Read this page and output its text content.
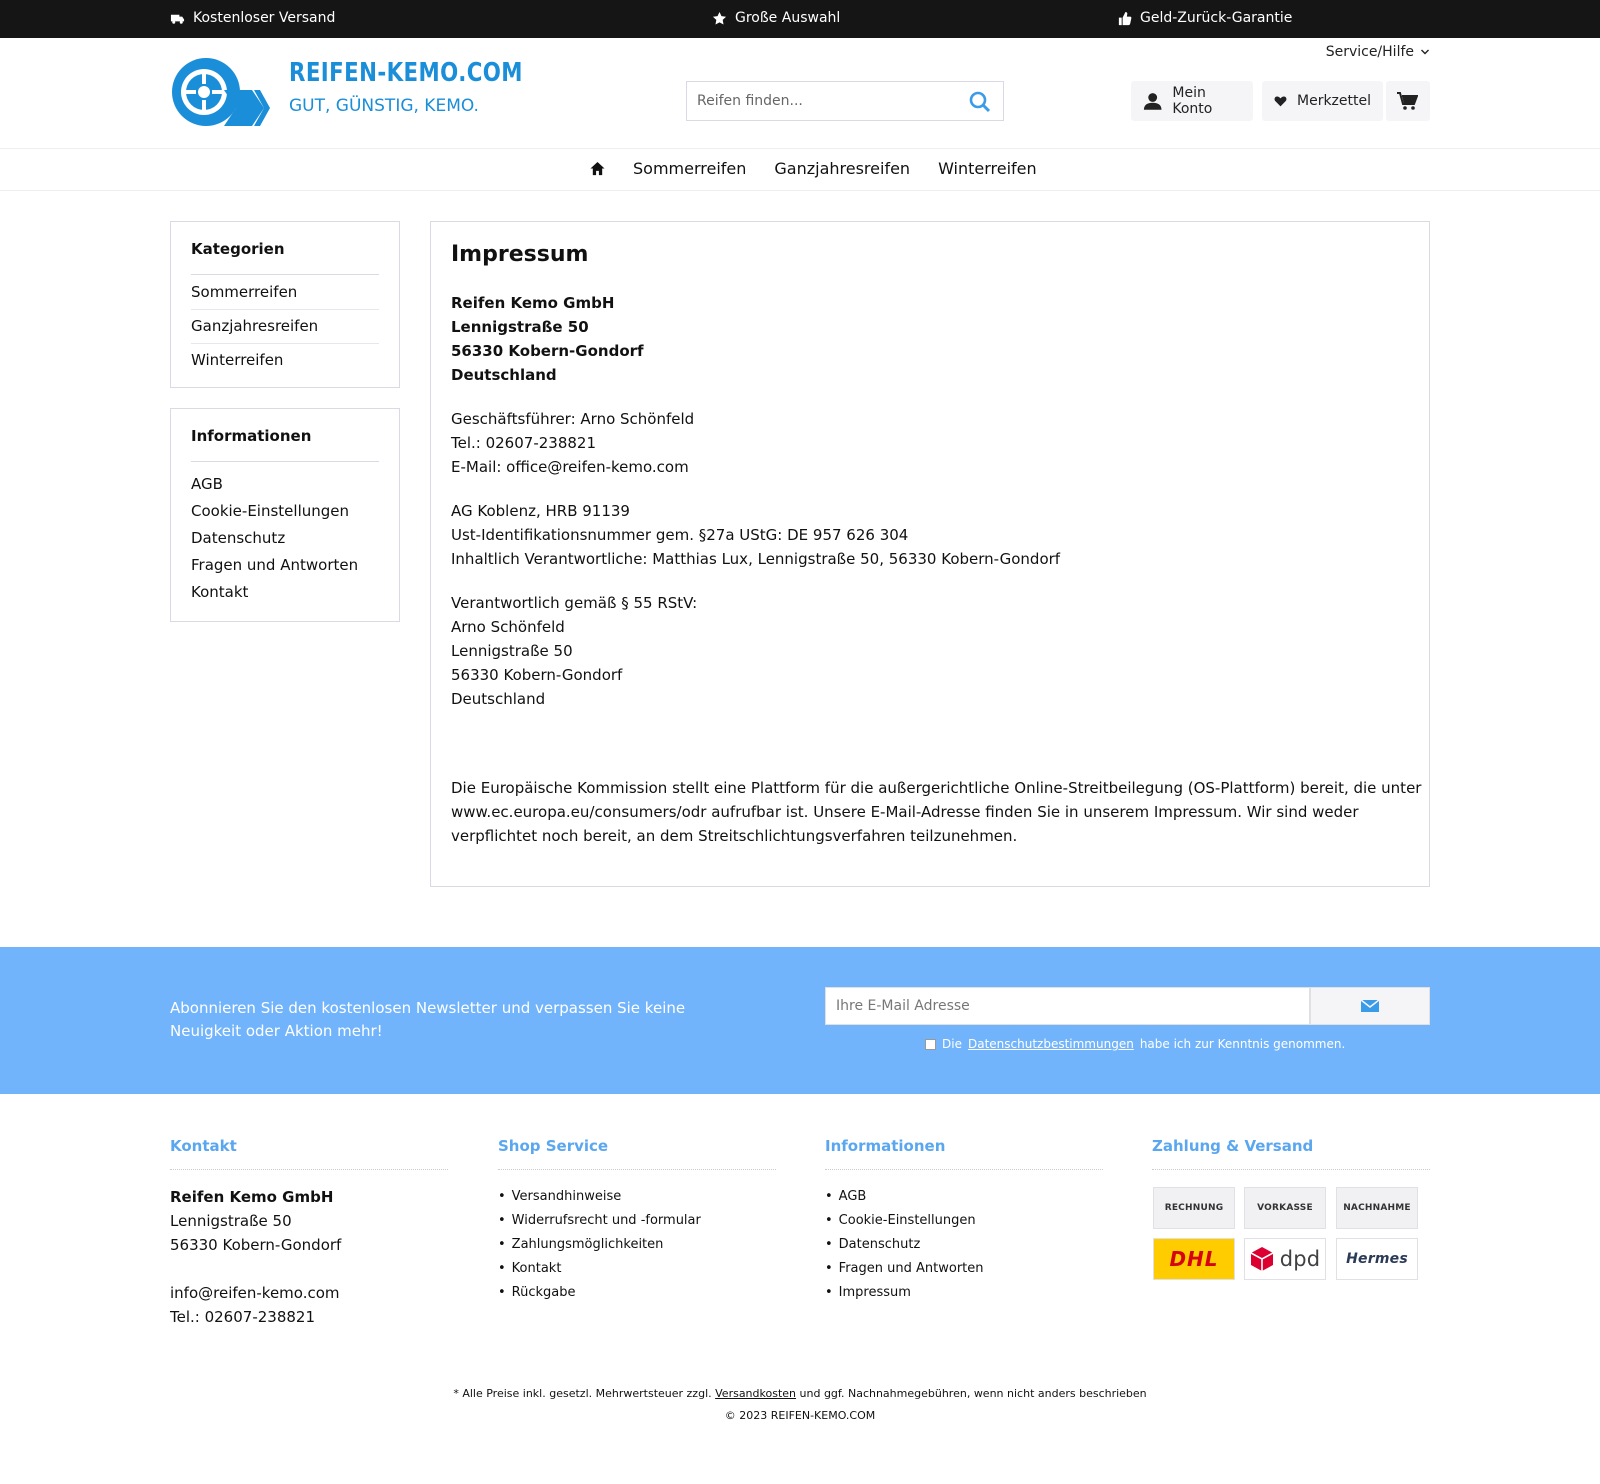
Kostenloser Versand	Große Auswahl	Geld-Zurück-Garantie
Service/Hilfe
REIFEN-KEMO.COM
GUT, GÜNSTIG, KEMO.
Reifen finden...
Mein Konto	Merkzettel
Sommerreifen Ganzjahresreifen Winterreifen
Kategorien
Sommerreifen
Ganzjahresreifen
Winterreifen
Informationen
AGB
Cookie-Einstellungen
Datenschutz
Fragen und Antworten
Kontakt
Impressum

Reifen Kemo GmbH

Lennigstraße 50

56330 Kobern-Gondorf

Deutschland

Geschäftsführer: Arno Schönfeld

Tel.: 02607-238821

E-Mail: office@reifen-kemo.com

AG Koblenz, HRB 91139

Ust-Identifikationsnummer gem. §27a UStG: DE 957 626 304

Inhaltlich Verantwortliche: Matthias Lux, Lennigstraße 50, 56330 Kobern-Gondorf

Verantwortlich gemäß § 55 RStV:

Arno Schönfeld

Lennigstraße 50

56330 Kobern-Gondorf

Deutschland

Die Europäische Kommission stellt eine Plattform für die außergerichtliche Online-Streitbeilegung (OS-Plattform) bereit, die unter

www.ec.europa.eu/consumers/odr aufrufbar ist. Unsere E-Mail-Adresse finden Sie in unserem Impressum. Wir sind weder

verpflichtet noch bereit, an dem Streitschlichtungsverfahren teilzunehmen.

Abonnieren Sie den kostenlosen Newsletter und verpassen Sie keine Neuigkeit oder Aktion mehr!
Ihre E-Mail Adresse
Die Datenschutzbestimmungen habe ich zur Kenntnis genommen.
Kontakt
Reifen Kemo GmbH
Lennigstraße 50
56330 Kobern-Gondorf
info@reifen-kemo.com
Tel.: 02607-238821
Shop Service
• Versandhinweise
• Widerrufsrecht und -formular
• Zahlungsmöglichkeiten
• Kontakt
• Rückgabe
Informationen
• AGB
• Cookie-Einstellungen
• Datenschutz
• Fragen und Antworten
• Impressum
Zahlung & Versand
RECHNUNG	VORKASSE	NACHNAHME
DHL	dpd Hermes
* Alle Preise inkl. gesetzl. Mehrwertsteuer zzgl. Versandkosten und ggf. Nachnahmegebühren, wenn nicht anders beschrieben
© 2023 REIFEN-KEMO.COM
